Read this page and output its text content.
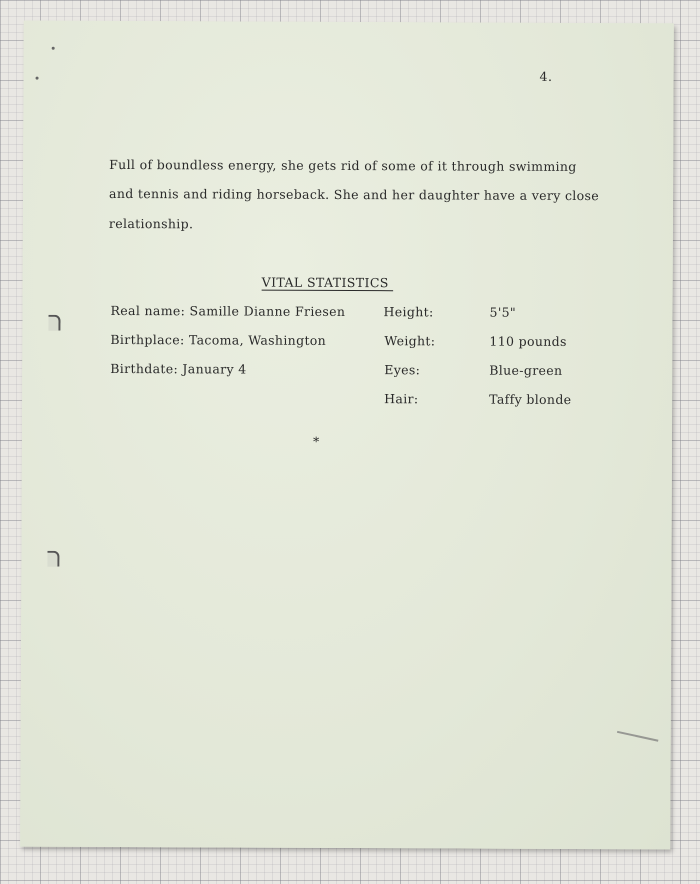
4.
Full of boundless energy, she gets rid of some of it through swimming
and tennis and riding horseback. She and her daughter have a very close
relationship.
VITAL STATISTICS
Real name: Samille Dianne Friesen
Birthplace: Tacoma, Washington
Birthdate: January 4
Height:
Weight:
Eyes:
Hair:
5'5"
110 pounds
Blue-green
Taffy blonde
*
